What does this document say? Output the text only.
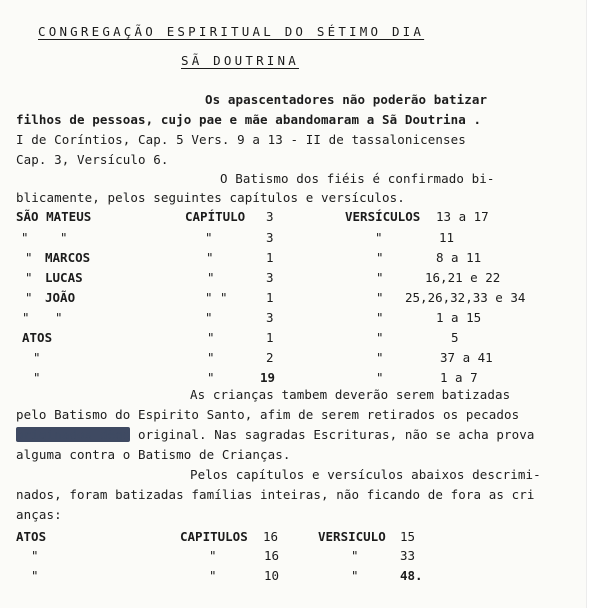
CONGREGAÇÃO ESPIRITUAL DO SÉTIMO DIA
SÃ DOUTRINA
Os apascentadores não poderão batizar
filhos de pessoas, cujo pae e mãe abandomaram a Sã Doutrina .
I de Coríntios, Cap. 5 Vers. 9 a 13 - II de tassalonicenses
Cap. 3, Versículo 6.
O Batismo dos fiéis é confirmado bi-
blicamente, pelos seguintes capítulos e versículos.
SÃO MATEUS	CAPÍTULO 3	VERSÍCULOS 13 a 17
"	"	"	3	"	11
" MARCOS	"	1	"	8 a 11
" LUCAS	"	3	"	16,21 e 22
" JOÃO	" "	1	" 25,26,32,33 e 34
" "	"	3	"	1 a 15
ATOS	"	1	"	5
"	"	2	"	37 a 41
"	"	19	"	1 a 7
As crianças tambem deverão serem batizadas
pelo Batismo do Espirito Santo, afim de serem retirados os pecados
originados dêgo original. Nas sagradas Escrituras, não se acha prova
alguma contra o Batismo de Crianças.
Pelos capítulos e versículos abaixos descrimi-
nados, foram batizadas famílias inteiras, não ficando de fora as cri
anças:
ATOS	CAPITULOS 16	VERSICULO 15
"	"	16	"	33
"	"	10	"	48.
